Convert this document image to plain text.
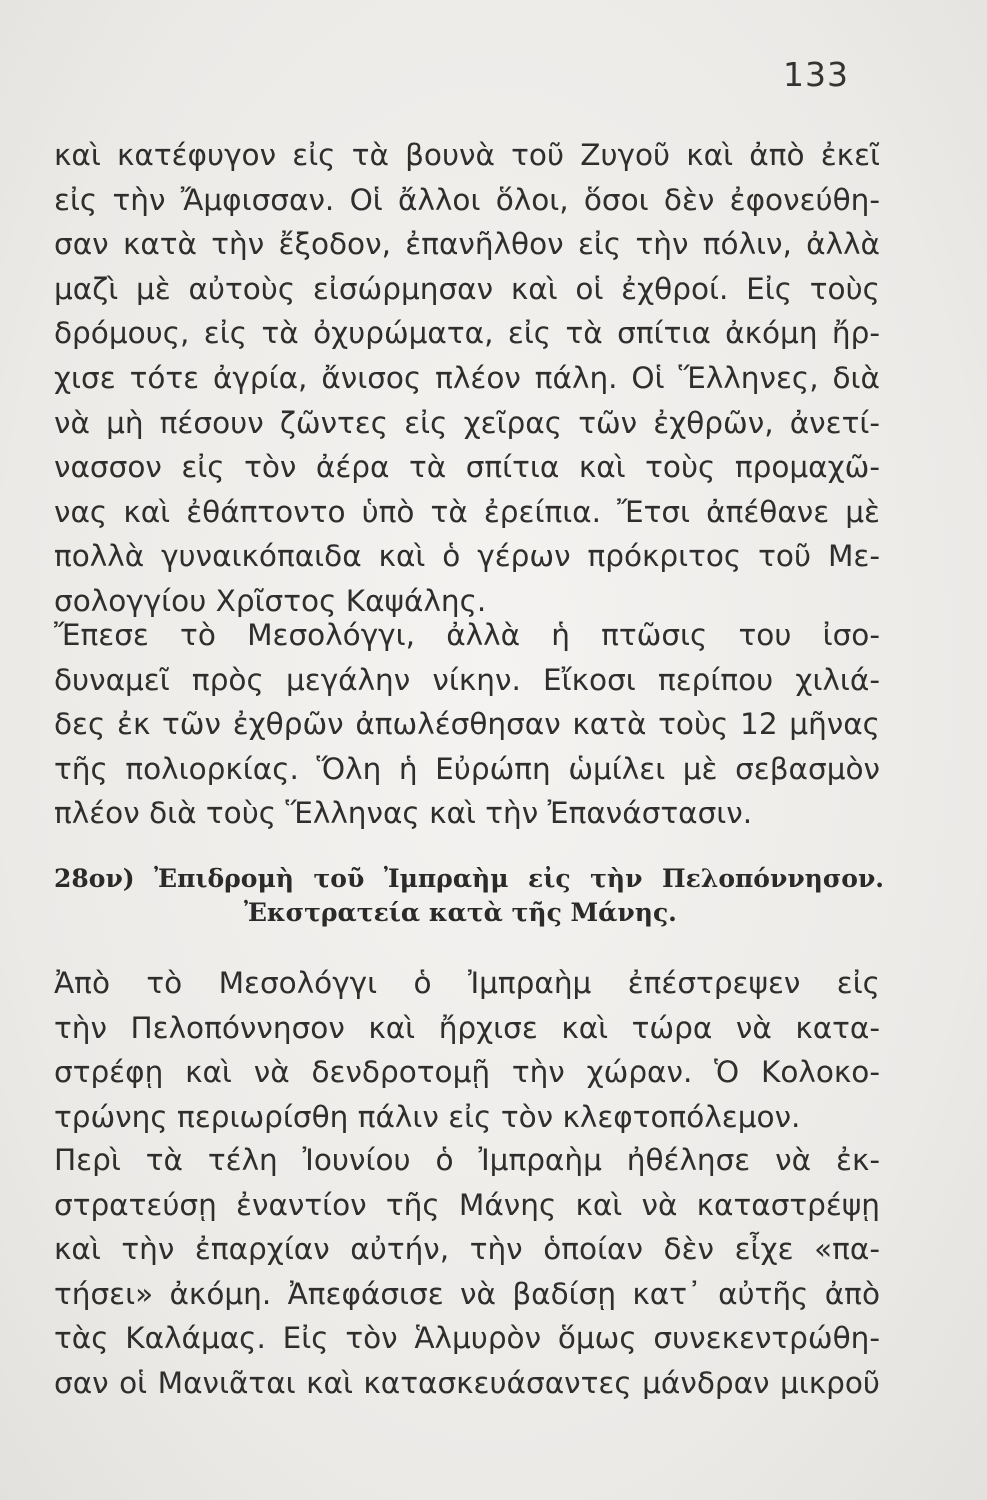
133
καὶ κατέφυγον εἰς τὰ βουνὰ τοῦ Ζυγοῦ καὶ ἀπὸ ἐκεῖ
εἰς τὴν Ἄμφισσαν. Οἱ ἄλλοι ὅλοι, ὅσοι δὲν ἐφονεύθη-
σαν κατὰ τὴν ἔξοδον, ἐπανῆλθον εἰς τὴν πόλιν, ἀλλὰ
μαζὶ μὲ αὐτοὺς εἰσώρμησαν καὶ οἱ ἐχθροί. Εἰς τοὺς
δρόμους, εἰς τὰ ὀχυρώματα, εἰς τὰ σπίτια ἀκόμη ἤρ-
χισε τότε ἀγρία, ἄνισος πλέον πάλη. Οἱ Ἕλληνες, διὰ
νὰ μὴ πέσουν ζῶντες εἰς χεῖρας τῶν ἐχθρῶν, ἀνετί-
νασσον εἰς τὸν ἀέρα τὰ σπίτια καὶ τοὺς προμαχῶ-
νας καὶ ἐθάπτοντο ὑπὸ τὰ ἐρείπια. Ἔτσι ἀπέθανε μὲ
πολλὰ γυναικόπαιδα καὶ ὁ γέρων πρόκριτος τοῦ Με-
σολογγίου Χρῖστος Καψάλης.
Ἔπεσε τὸ Μεσολόγγι, ἀλλὰ ἡ πτῶσις του ἰσο-
δυναμεῖ πρὸς μεγάλην νίκην. Εἴκοσι περίπου χιλιά-
δες ἐκ τῶν ἐχθρῶν ἀπωλέσθησαν κατὰ τοὺς 12 μῆνας
τῆς πολιορκίας. Ὅλη ἡ Εὐρώπη ὡμίλει μὲ σεβασμὸν
πλέον διὰ τοὺς Ἕλληνας καὶ τὴν Ἐπανάστασιν.
28ον) Ἐπιδρομὴ τοῦ Ἰμπραὴμ εἰς τὴν Πελοπόννησον.
Ἐκστρατεία κατὰ τῆς Μάνης.
Ἀπὸ τὸ Μεσολόγγι ὁ Ἰμπραὴμ ἐπέστρεψεν εἰς
τὴν Πελοπόννησον καὶ ἤρχισε καὶ τώρα νὰ κατα-
στρέφῃ καὶ νὰ δενδροτομῇ τὴν χώραν. Ὁ Κολοκο-
τρώνης περιωρίσθη πάλιν εἰς τὸν κλεφτοπόλεμον.
Περὶ τὰ τέλη Ἰουνίου ὁ Ἰμπραὴμ ἠθέλησε νὰ ἐκ-
στρατεύσῃ ἐναντίον τῆς Μάνης καὶ νὰ καταστρέψῃ
καὶ τὴν ἐπαρχίαν αὐτήν, τὴν ὁποίαν δὲν εἶχε «πα-
τήσει» ἀκόμη. Ἀπεφάσισε νὰ βαδίσῃ κατ᾽ αὐτῆς ἀπὸ
τὰς Καλάμας. Εἰς τὸν Ἁλμυρὸν ὅμως συνεκεντρώθη-
σαν οἱ Μανιᾶται καὶ κατασκευάσαντες μάνδραν μικροῦ
